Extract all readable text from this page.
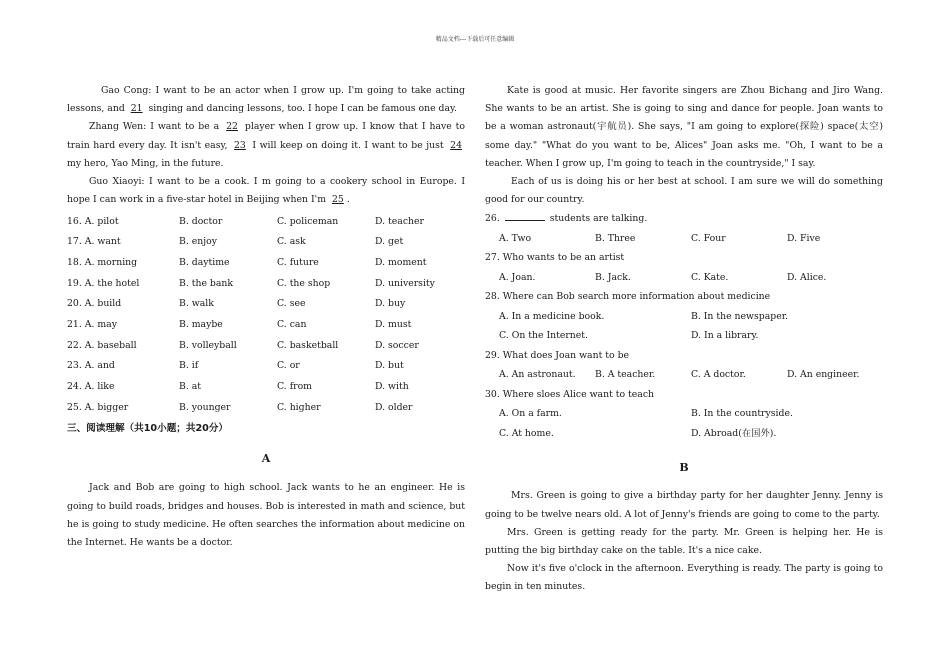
精品文档---下载后可任意编辑

Gao Cong: I want to be an actor when I grow up. I'm going to take acting lessons, and 21 singing and dancing lessons, too. I hope I can be famous one day.

Zhang Wen: I want to be a 22 player when I grow up. I know that I have to train hard every day. It isn't easy, 23 I will keep on doing it. I want to be just 24 my hero, Yao Ming, in the future.

Guo Xiaoyi: I want to be a cook. I m going to a cookery school in Europe. I hope I can work in a five-star hotel in Beijing when I'm 25 .

16. A. pilot	B. doctor	C. policeman	D. teacher
17. A. want	B. enjoy	C. ask	D. get
18. A. morning	B. daytime	C. future	D. moment
19. A. the hotel	B. the bank	C. the shop	D. university
20. A. build	B. walk	C. see	D. buy
21. A. may	B. maybe	C. can	D. must
22. A. baseball	B. volleyball	C. basketball	D. soccer
23. A. and	B. if	C. or	D. but
24. A. like	B. at	C. from	D. with
25. A. bigger	B. younger	C. higher	D. older
三、阅读理解（共10小题；共20分）
A

Jack and Bob are going to high school. Jack wants to he an engineer. He is going to build roads, bridges and houses. Bob is interested in math and science, but he is going to study medicine. He often searches the information about medicine on the Internet. He wants be a doctor.

Kate is good at music. Her favorite singers are Zhou Bichang and Jiro Wang. She wants to be an artist. She is going to sing and dance for people. Joan wants to be a woman astronaut(宇航员). She says, "I am going to explore(探险) space(太空) some day." "What do you want to be, Alices" Joan asks me. "Oh, I want to be a teacher. When I grow up, I'm going to teach in the countryside," I say.

Each of us is doing his or her best at school. I am sure we will do something good for our country.

26.	students are talking.
A. Two	B. Three	C. Four	D. Five
27. Who wants to be an artist
A. Joan.	B. Jack.	C. Kate.	D. Alice.
28. Where can Bob search more information about medicine
A. In a medicine book.	B. In the newspaper.
C. On the Internet.	D. In a library.
29. What does Joan want to be
A. An astronaut.	B. A teacher.	C. A doctor.	D. An engineer.
30. Where sloes Alice want to teach
A. On a farm.	B. In the countryside.
C. At home.	D. Abroad(在国外).
B

Mrs. Green is going to give a birthday party for her daughter Jenny. Jenny is going to be twelve nears old. A lot of Jenny's friends are going to come to the party.

Mrs. Green is getting ready for the party. Mr. Green is helping her. He is putting the big birthday cake on the table. It's a nice cake.

Now it's five o'clock in the afternoon. Everything is ready. The party is going to begin in ten minutes.
